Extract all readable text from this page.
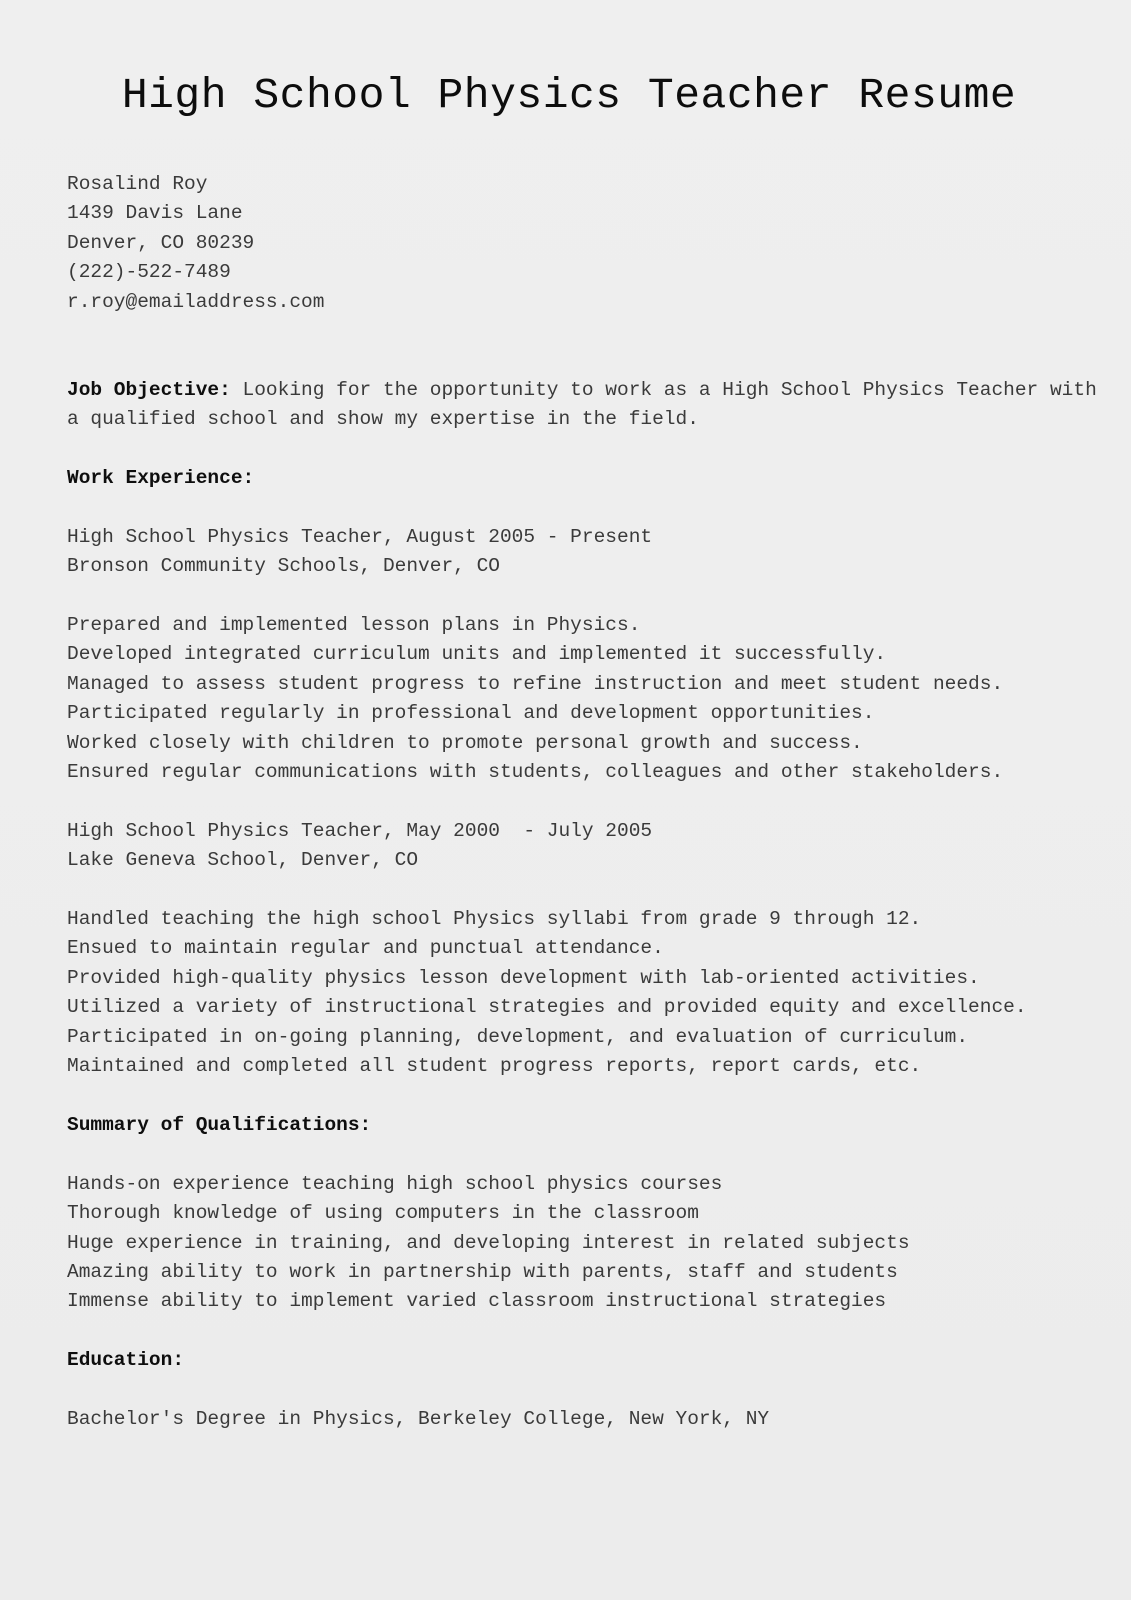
High School Physics Teacher Resume

Rosalind Roy

1439 Davis Lane

Denver, CO 80239

(222)-522-7489

r.roy@emailaddress.com

Job Objective: Looking for the opportunity to work as a High School Physics Teacher with

a qualified school and show my expertise in the field.

Work Experience:

High School Physics Teacher, August 2005 - Present

Bronson Community Schools, Denver, CO

Prepared and implemented lesson plans in Physics.

Developed integrated curriculum units and implemented it successfully.

Managed to assess student progress to refine instruction and meet student needs.

Participated regularly in professional and development opportunities.

Worked closely with children to promote personal growth and success.

Ensured regular communications with students, colleagues and other stakeholders.

High School Physics Teacher, May 2000  - July 2005

Lake Geneva School, Denver, CO

Handled teaching the high school Physics syllabi from grade 9 through 12.

Ensued to maintain regular and punctual attendance.

Provided high-quality physics lesson development with lab-oriented activities.

Utilized a variety of instructional strategies and provided equity and excellence.

Participated in on-going planning, development, and evaluation of curriculum.

Maintained and completed all student progress reports, report cards, etc.

Summary of Qualifications:

Hands-on experience teaching high school physics courses

Thorough knowledge of using computers in the classroom

Huge experience in training, and developing interest in related subjects

Amazing ability to work in partnership with parents, staff and students

Immense ability to implement varied classroom instructional strategies

Education:

Bachelor's Degree in Physics, Berkeley College, New York, NY
